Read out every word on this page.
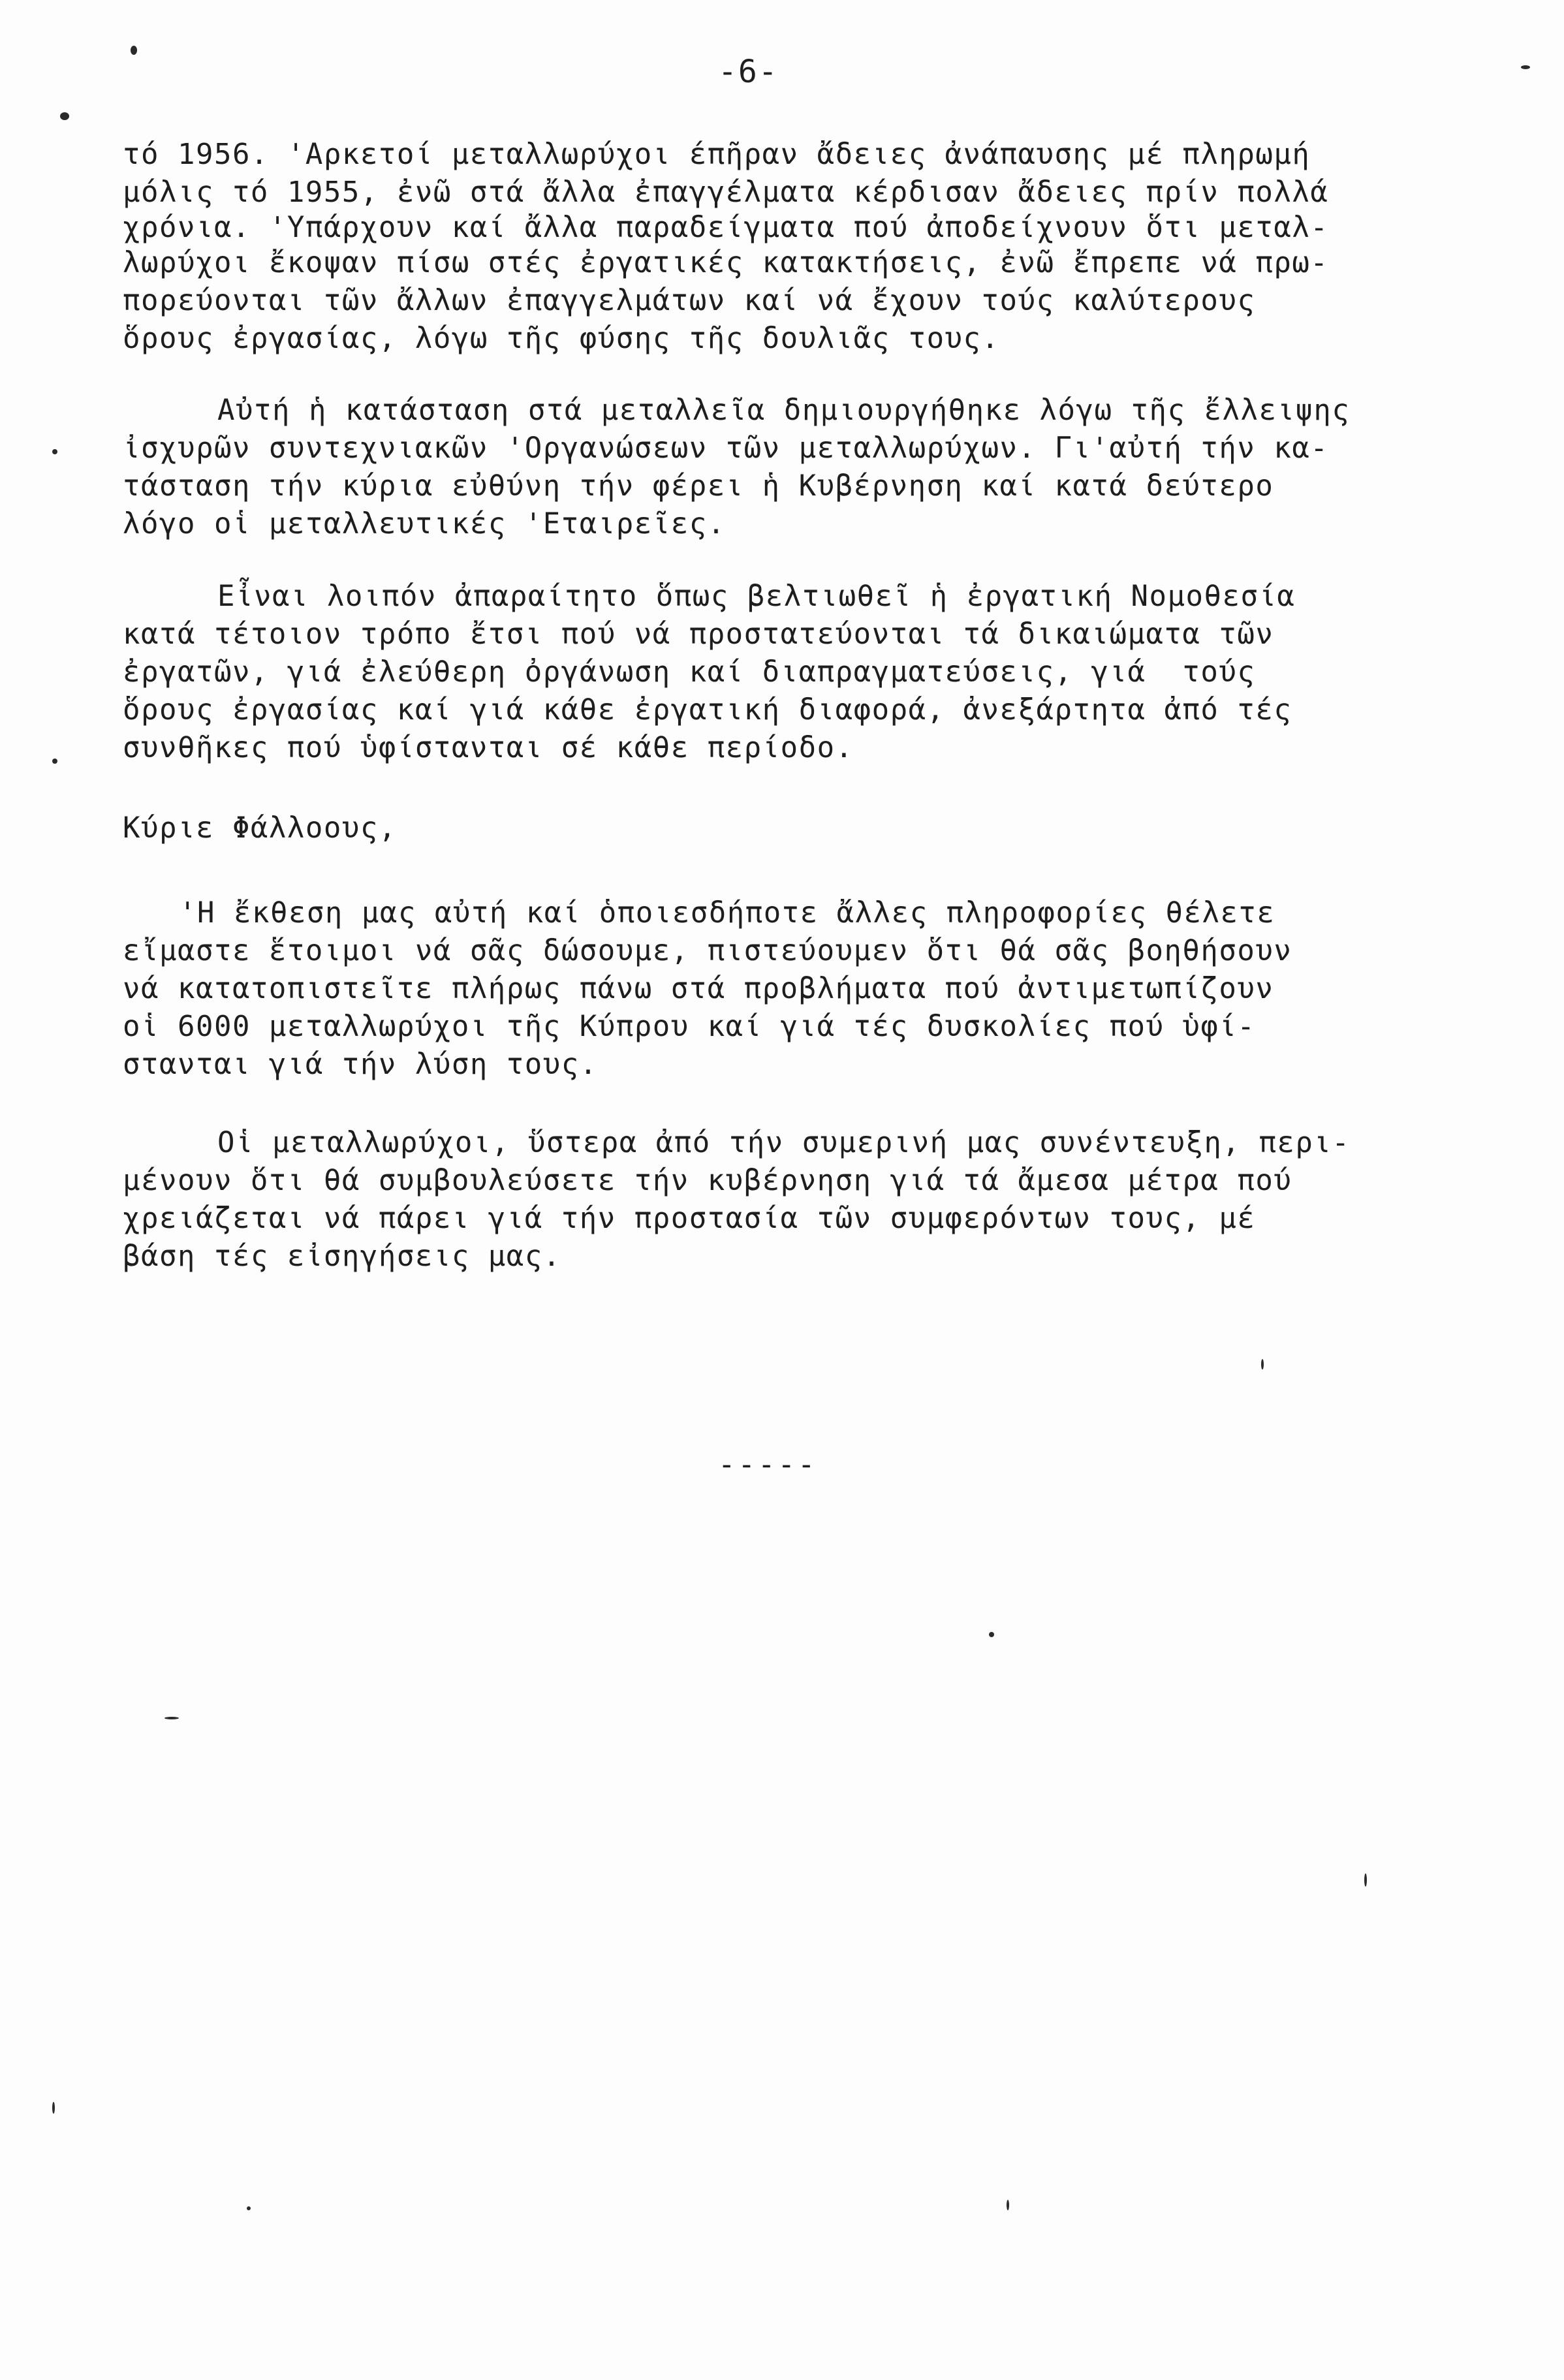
-6-
τό 1956. 'Αρκετοί μεταλλωρύχοι έπῆραν ἄδειες ἀνάπαυσης μέ πληρωμή
μόλις τό 1955, ἐνῶ στά ἄλλα ἐπαγγέλματα κέρδισαν ἄδειες πρίν πολλά
χρόνια. 'Υπάρχουν καί ἄλλα παραδείγματα πού ἀποδείχνουν ὅτι μεταλ-
λωρύχοι ἔκοψαν πίσω στές ἐργατικές κατακτήσεις, ἐνῶ ἔπρεπε νά πρω-
πορεύονται τῶν ἄλλων ἐπαγγελμάτων καί νά ἔχουν τούς καλύτερους
ὅρους ἐργασίας, λόγω τῆς φύσης τῆς δουλιᾶς τους.
Αὐτή ἡ κατάσταση στά μεταλλεῖα δημιουργήθηκε λόγω τῆς ἔλλειψης
ἰσχυρῶν συντεχνιακῶν 'Οργανώσεων τῶν μεταλλωρύχων. Γι'αὐτή τήν κα-
τάσταση τήν κύρια εὐθύνη τήν φέρει ἡ Κυβέρνηση καί κατά δεύτερο
λόγο οἱ μεταλλευτικές 'Εταιρεῖες.
Εἶναι λοιπόν ἀπαραίτητο ὅπως βελτιωθεῖ ἡ ἐργατική Νομοθεσία
κατά τέτοιον τρόπο ἔτσι πού νά προστατεύονται τά δικαιώματα τῶν
ἐργατῶν, γιά ἐλεύθερη ὀργάνωση καί διαπραγματεύσεις, γιά  τούς
ὅρους ἐργασίας καί γιά κάθε ἐργατική διαφορά, ἀνεξάρτητα ἀπό τές
συνθῆκες πού ὑφίστανται σέ κάθε περίοδο.
Κύριε Φάλλοους,
'Η ἔκθεση μας αὐτή καί ὁποιεσδήποτε ἄλλες πληροφορίες θέλετε
εἴμαστε ἕτοιμοι νά σᾶς δώσουμε, πιστεύουμεν ὅτι θά σᾶς βοηθήσουν
νά κατατοπιστεῖτε πλήρως πάνω στά προβλήματα πού ἀντιμετωπίζουν
οἱ 6000 μεταλλωρύχοι τῆς Κύπρου καί γιά τές δυσκολίες πού ὑφί-
στανται γιά τήν λύση τους.
Οἱ μεταλλωρύχοι, ὕστερα ἀπό τήν συμερινή μας συνέντευξη, περι-
μένουν ὅτι θά συμβουλεύσετε τήν κυβέρνηση γιά τά ἄμεσα μέτρα πού
χρειάζεται νά πάρει γιά τήν προστασία τῶν συμφερόντων τους, μέ
βάση τές εἰσηγήσεις μας.
-----
